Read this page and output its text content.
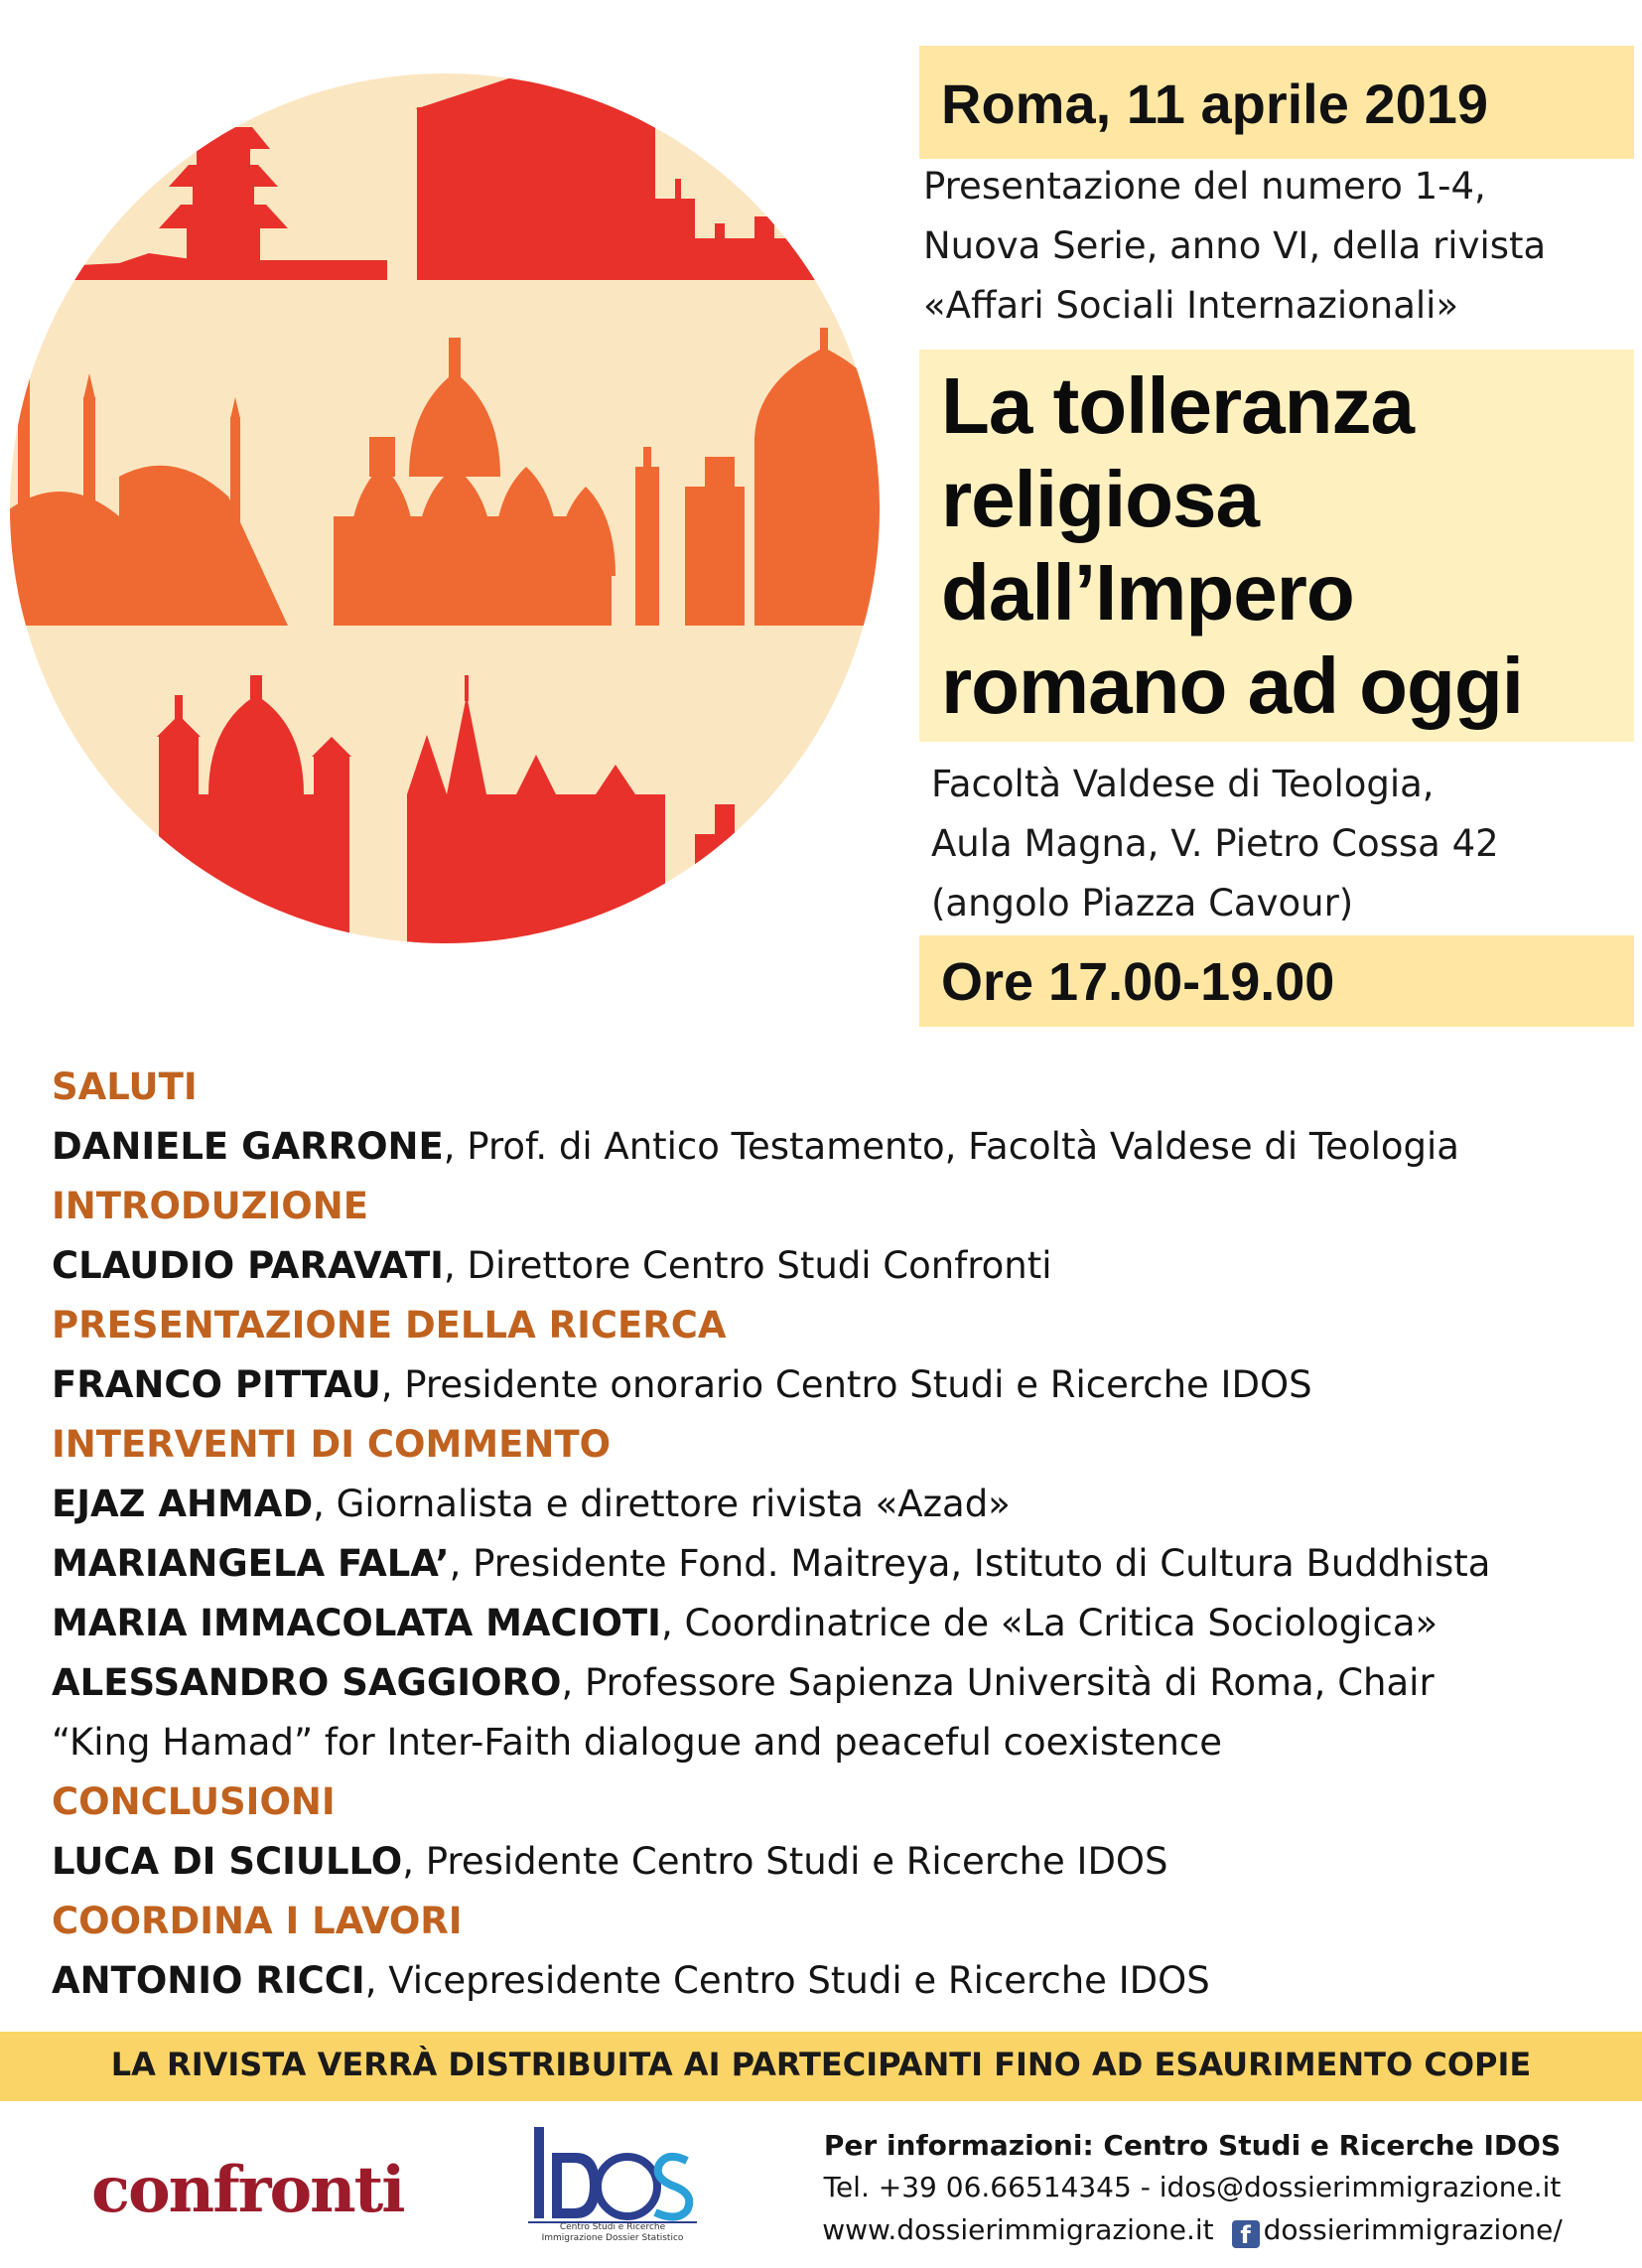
Roma, 11 aprile 2019
Presentazione del numero 1-4,
Nuova Serie, anno VI, della rivista
«Affari Sociali Internazionali»
La tolleranza
religiosa
dall’Impero
romano ad oggi
Facoltà Valdese di Teologia,
Aula Magna, V. Pietro Cossa 42
(angolo Piazza Cavour)
Ore 17.00-19.00
SALUTI
DANIELE GARRONE, Prof. di Antico Testamento, Facoltà Valdese di Teologia
INTRODUZIONE
CLAUDIO PARAVATI, Direttore Centro Studi Confronti
PRESENTAZIONE DELLA RICERCA
FRANCO PITTAU, Presidente onorario Centro Studi e Ricerche IDOS
INTERVENTI DI COMMENTO
EJAZ AHMAD, Giornalista e direttore rivista «Azad»
MARIANGELA FALA’, Presidente Fond. Maitreya, Istituto di Cultura Buddhista
MARIA IMMACOLATA MACIOTI, Coordinatrice de «La Critica Sociologica»
ALESSANDRO SAGGIORO, Professore Sapienza Università di Roma, Chair
“King Hamad” for Inter-Faith dialogue and peaceful coexistence
CONCLUSIONI
LUCA DI SCIULLO, Presidente Centro Studi e Ricerche IDOS
COORDINA I LAVORI
ANTONIO RICCI, Vicepresidente Centro Studi e Ricerche IDOS
LA RIVISTA VERRÀ DISTRIBUITA AI PARTECIPANTI FINO AD ESAURIMENTO COPIE
confronti	Centro Studi e Ricerche Immigrazione Dossier Statistico
Per informazioni: Centro Studi e Ricerche IDOS
Tel. +39 06.66514345 - idos@dossierimmigrazione.it
www.dossierimmigrazione.it f dossierimmigrazione/
